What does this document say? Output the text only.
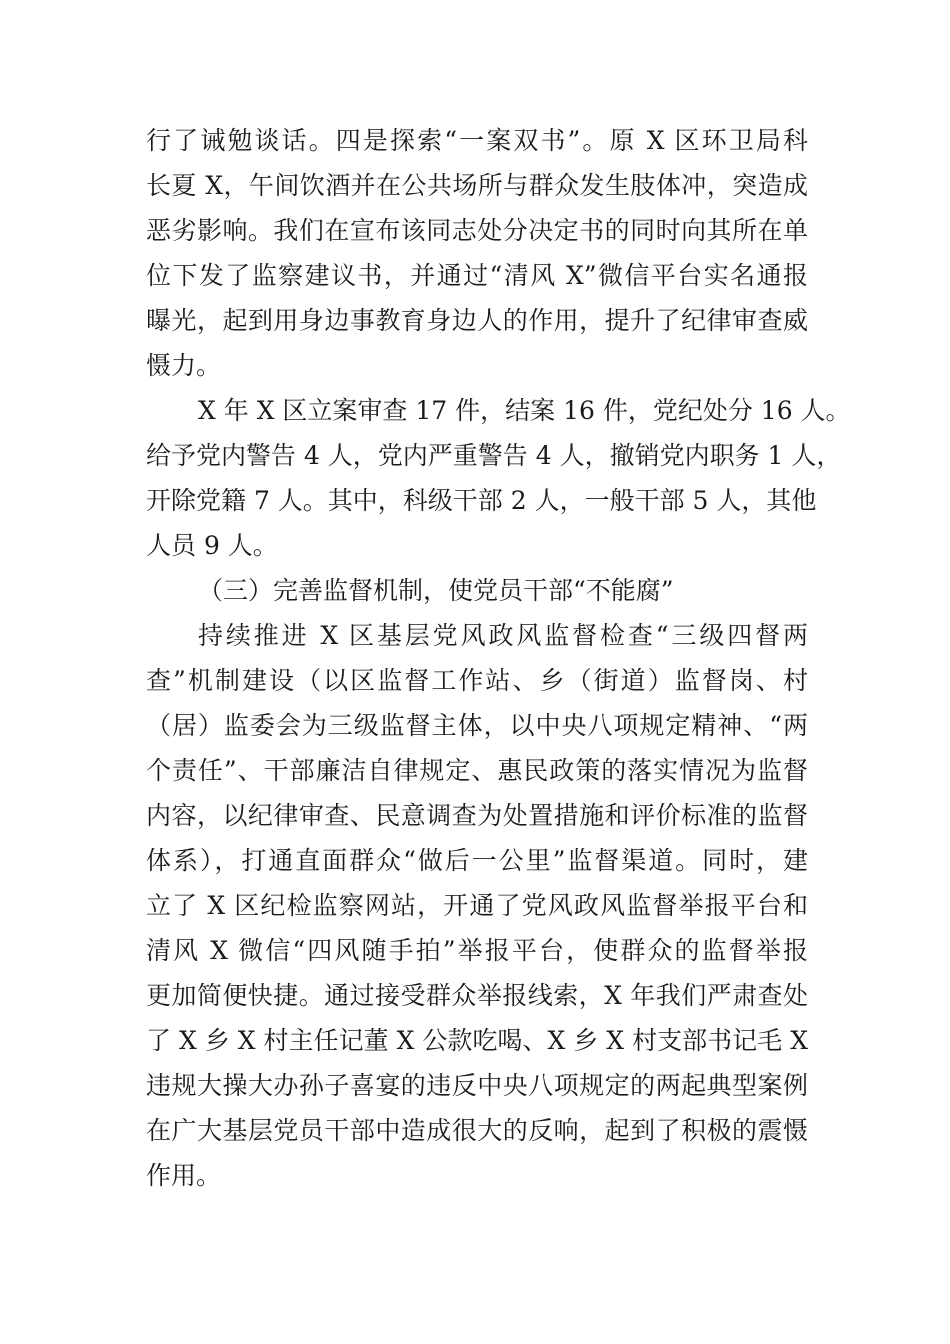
行了诫勉谈话。四是探索“一案双书”。原 X 区环卫局科
长夏 X，午间饮酒并在公共场所与群众发生肢体冲，突造成
恶劣影响。我们在宣布该同志处分决定书的同时向其所在单
位下发了监察建议书，并通过“清风 X”微信平台实名通报
曝光，起到用身边事教育身边人的作用，提升了纪律审查威
慑力。
X 年 X 区立案审查 17 件，结案 16 件，党纪处分 16 人。
给予党内警告 4 人，党内严重警告 4 人，撤销党内职务 1 人，
开除党籍 7 人。其中，科级干部 2 人，一般干部 5 人，其他
人员 9 人。
（三）完善监督机制，使党员干部“不能腐”
持续推进 X 区基层党风政风监督检查“三级四督两
查”机制建设（以区监督工作站、乡（街道）监督岗、村
（居）监委会为三级监督主体，以中央八项规定精神、“两
个责任”、干部廉洁自律规定、惠民政策的落实情况为监督
内容，以纪律审查、民意调查为处置措施和评价标准的监督
体系），打通直面群众“做后一公里”监督渠道。同时，建
立了 X 区纪检监察网站，开通了党风政风监督举报平台和
清风 X 微信“四风随手拍”举报平台，使群众的监督举报
更加简便快捷。通过接受群众举报线索，X 年我们严肃查处
了 X 乡 X 村主任记董 X 公款吃喝、X 乡 X 村支部书记毛 X
违规大操大办孙子喜宴的违反中央八项规定的两起典型案例
在广大基层党员干部中造成很大的反响，起到了积极的震慑
作用。
